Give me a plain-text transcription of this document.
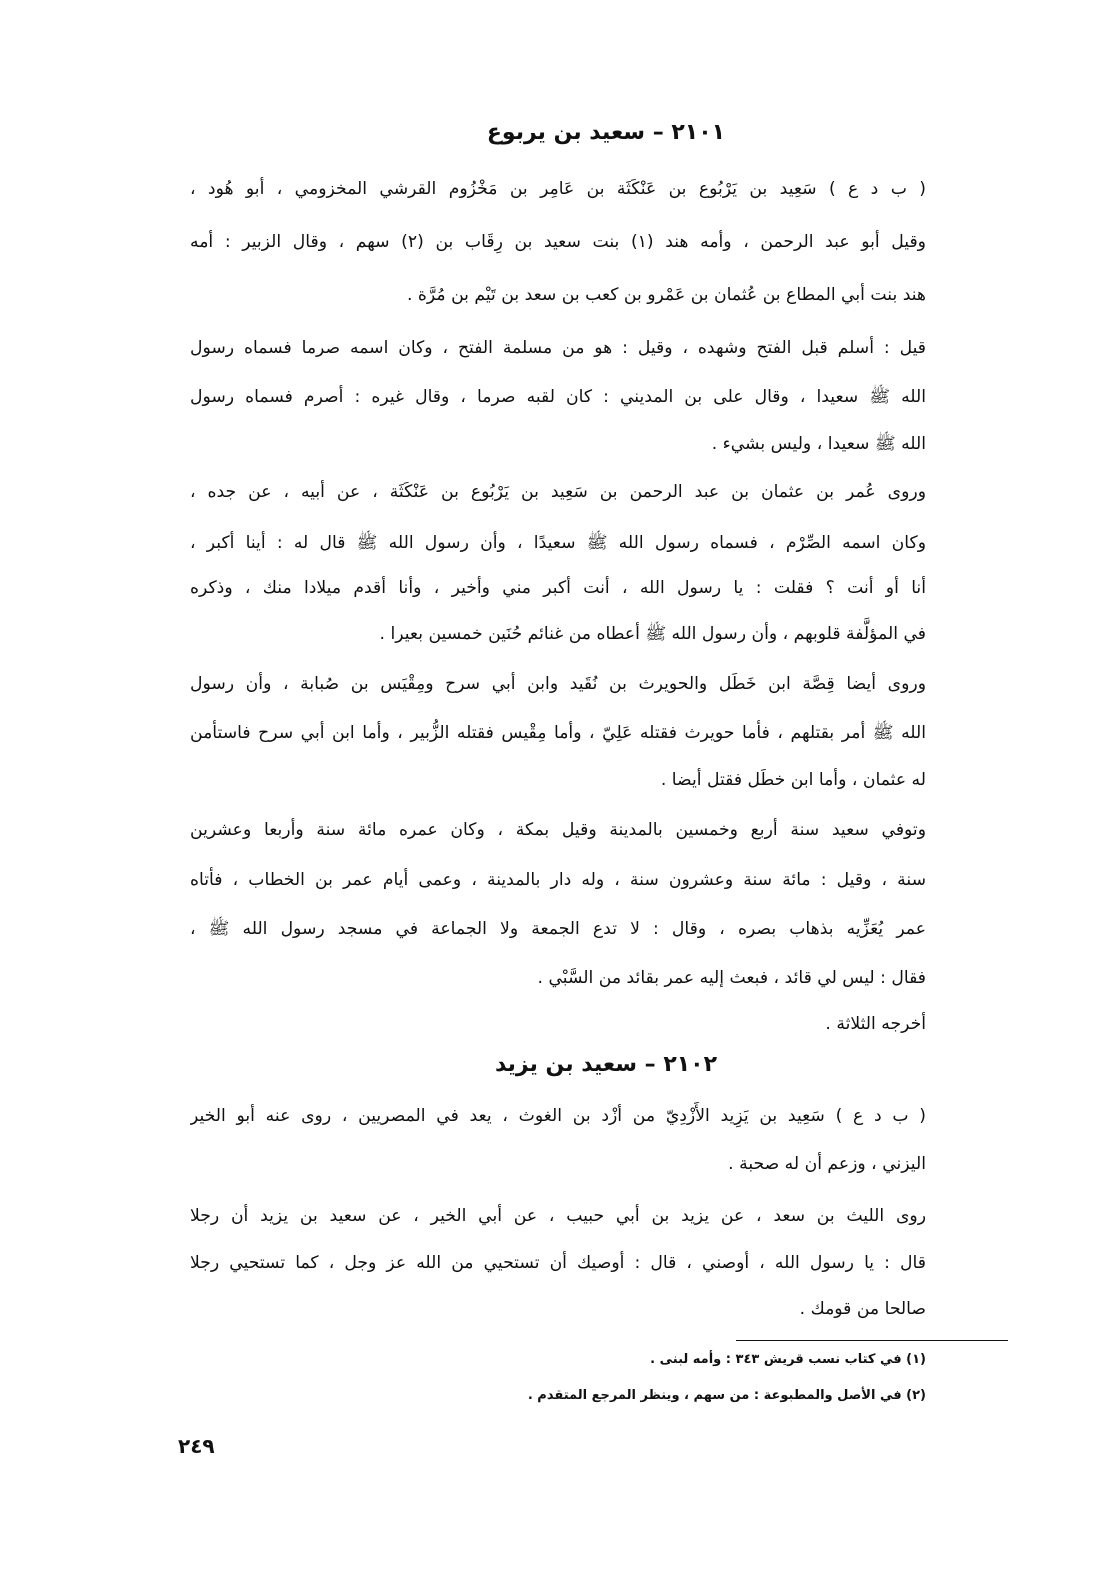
٢١٠١ – سعيد بن يربوع
( ب د ع ) سَعِيد بن يَرْبُوع بن عَنْكَثَة بن عَامِر بن مَخْزُوم القرشي المخزومي ، أبو هُود ،
وقيل أبو عبد الرحمن ، وأمه هند (١) بنت سعيد بن رِقَاب بن (٢) سهم ، وقال الزبير : أمه
هند بنت أبي المطاع بن عُثمان بن عَمْرو بن كعب بن سعد بن تَيْم بن مُرَّة .
قيل : أسلم قبل الفتح وشهده ، وقيل : هو من مسلمة الفتح ، وكان اسمه صرما فسماه رسول
الله ﷺ سعيدا ، وقال على بن المديني : كان لقبه صرما ، وقال غيره : أصرم فسماه رسول
الله ﷺ سعيدا ، وليس بشيء .
وروى عُمر بن عثمان بن عبد الرحمن بن سَعِيد بن يَرْبُوع بن عَنْكَثَة ، عن أبيه ، عن جده ،
وكان اسمه الصِّرْم ، فسماه رسول الله ﷺ سعيدًا ، وأن رسول الله ﷺ قال له : أينا أكبر ،
أنا أو أنت ؟ فقلت : يا رسول الله ، أنت أكبر مني وأخير ، وأنا أقدم ميلادا منك ، وذكره
في المؤلَّفة قلوبهم ، وأن رسول الله ﷺ أعطاه من غنائم حُنَين خمسين بعيرا .
وروى أيضا قِصَّة ابن خَطَل والحويرث بن نُقَيد وابن أبي سرح ومِقْيَس بن صُبابة ، وأن رسول
الله ﷺ أمر بقتلهم ، فأما حويرث فقتله عَلِيّ ، وأما مِقْيس فقتله الزُّبير ، وأما ابن أبي سرح فاستأمن
له عثمان ، وأما ابن خطَل فقتل أيضا .
وتوفي سعيد سنة أربع وخمسين بالمدينة وقيل بمكة ، وكان عمره مائة سنة وأربعا وعشرين
سنة ، وقيل : مائة سنة وعشرون سنة ، وله دار بالمدينة ، وعمى أيام عمر بن الخطاب ، فأتاه
عمر يُعَزِّيه بذهاب بصره ، وقال : لا تدع الجمعة ولا الجماعة في مسجد رسول الله ﷺ ،
فقال : ليس لي قائد ، فبعث إليه عمر بقائد من السَّبْي .
أخرجه الثلاثة .
٢١٠٢ – سعيد بن يزيد
( ب د ع ) سَعِيد بن يَزِيد الأَزْدِيّ من أزْد بن الغوث ، يعد في المصريين ، روى عنه أبو الخير
اليزني ، وزعم أن له صحبة .
روى الليث بن سعد ، عن يزيد بن أبي حبيب ، عن أبي الخير ، عن سعيد بن يزيد أن رجلا
قال : يا رسول الله ، أوصني ، قال : أوصيك أن تستحيي من الله عز وجل ، كما تستحيي رجلا
صالحا من قومك .
(١) في كتاب نسب قريش ٣٤٣ : وأمه لبنى .
(٢) في الأصل والمطبوعة : من سهم ، وينظر المرجع المتقدم .
٢٤٩
